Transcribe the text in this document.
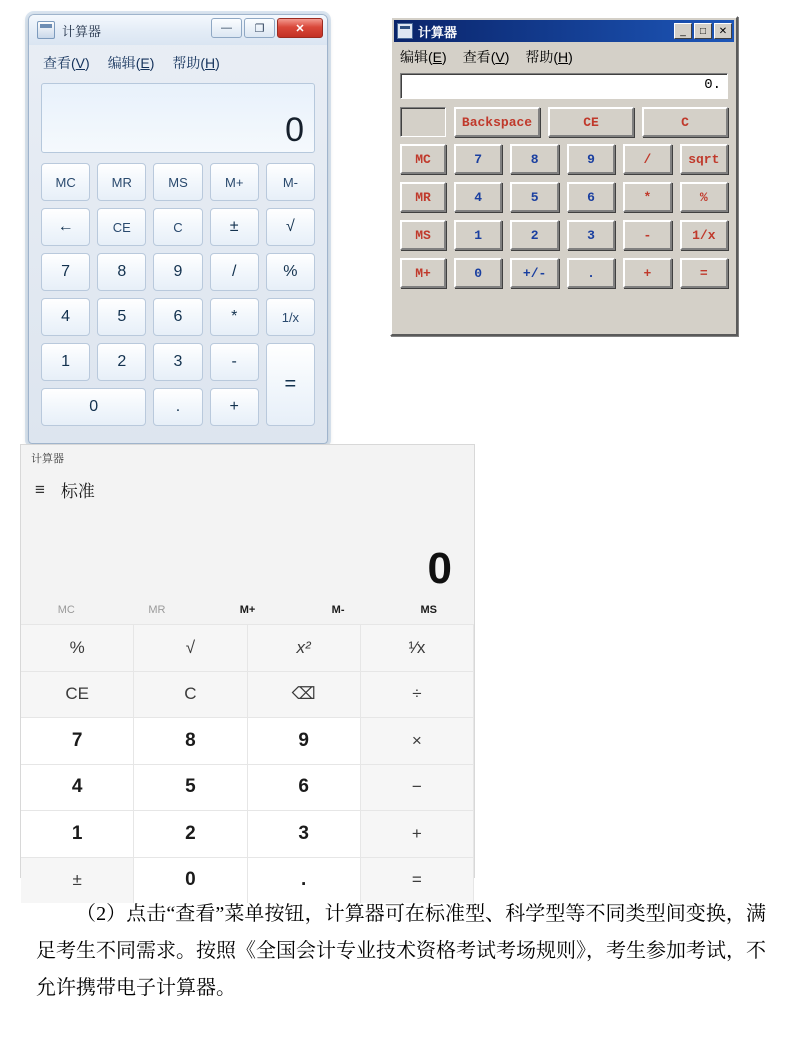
计算器	—	❐	✕
查看(V) 编辑(E) 帮助(H)
0
MC	MR	MS	M+	M-
←	CE	C	±	√
7	8	9	/	%
4	5	6	*	1/x
1	2	3	-
=
0	.	+
计算器	_	□	✕
编辑(E) 查看(V) 帮助(H)
0.
Backspace	CE	C
MC	7	8	9	/	sqrt
MR	4	5	6	*	%
MS	1	2	3	-	1/x
M+	0	+/-	.	+	=
计算器
≡ 标准
0
MC	MR	M+	M-	MS
%	√	x²	¹⁄x
CE	C	⌫	÷
7	8	9	×
4	5	6	−
1	2	3	+
±	0	.	=

（2）点击“查看”菜单按钮，计算器可在标准型、科学型等不同类型间变换，满足考生不同需求。按照《全国会计专业技术资格考试考场规则》，考生参加考试，不允许携带电子计算器。
